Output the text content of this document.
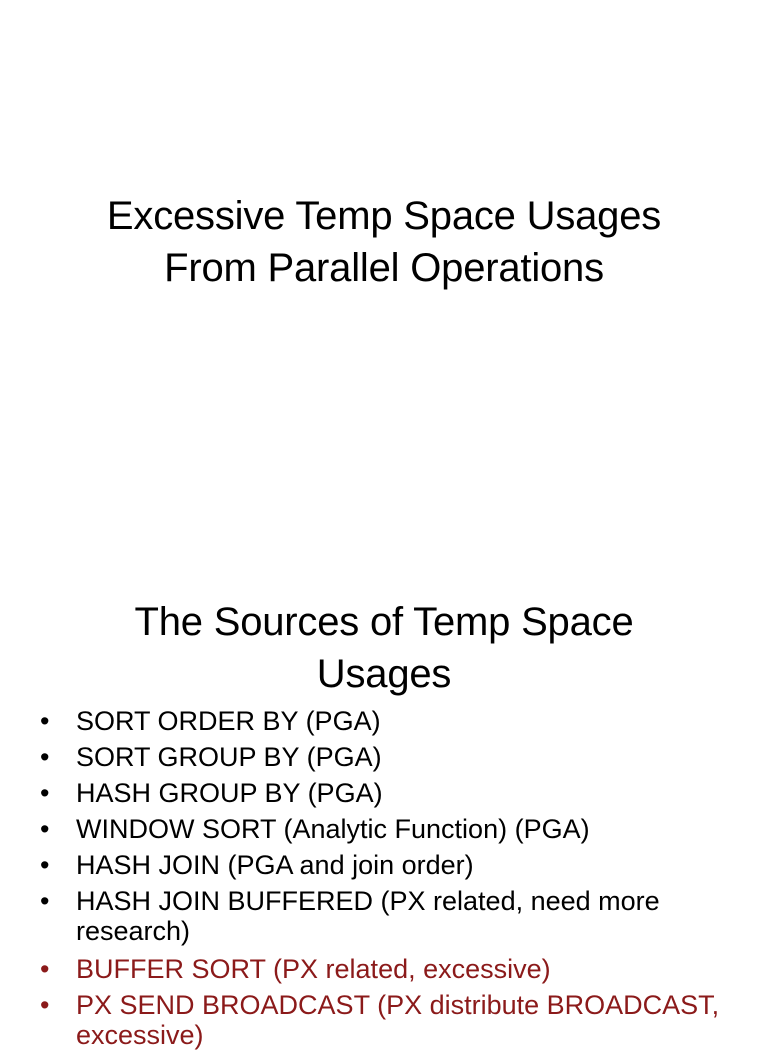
Excessive Temp Space Usages
From Parallel Operations
The Sources of Temp Space
Usages
• SORT ORDER BY (PGA)
• SORT GROUP BY (PGA)
• HASH GROUP BY (PGA)
• WINDOW SORT (Analytic Function) (PGA)
• HASH JOIN (PGA and join order)
• HASH JOIN BUFFERED (PX related, need more research)
• BUFFER SORT (PX related, excessive)
• PX SEND BROADCAST (PX distribute BROADCAST, excessive)
